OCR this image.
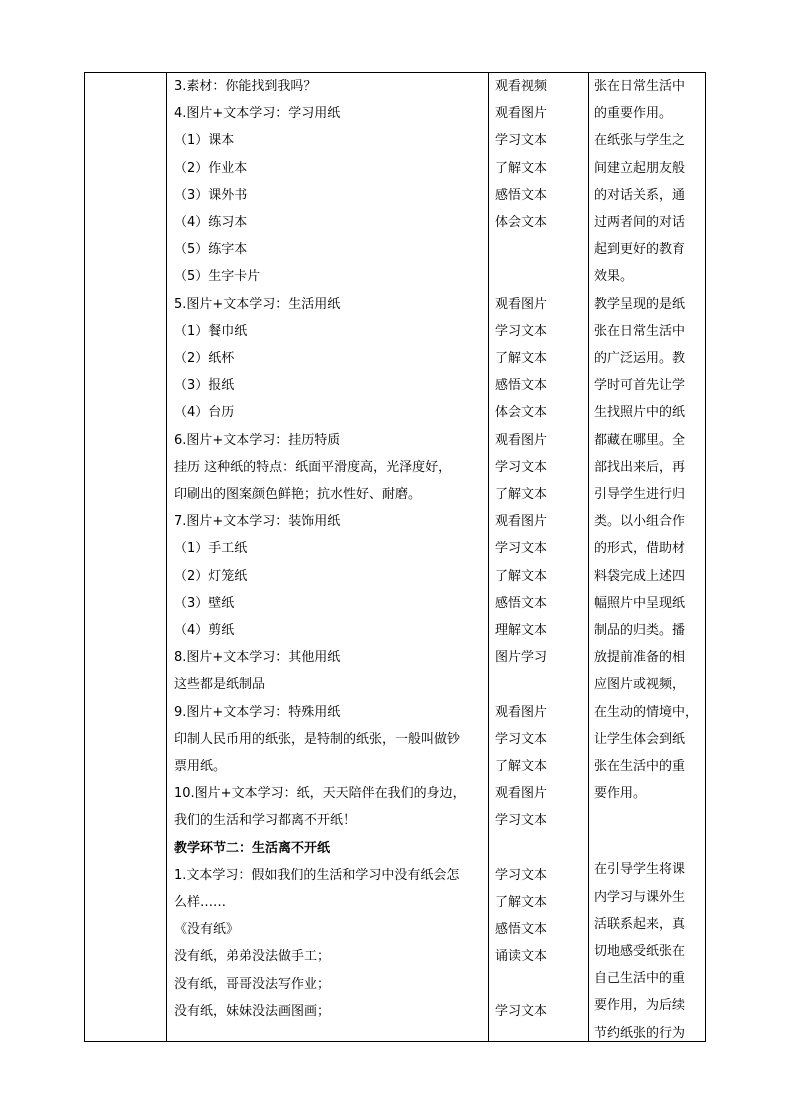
3.素材：你能找到我吗？
4.图片+文本学习：学习用纸
（1）课本
（2）作业本
（3）课外书
（4）练习本
（5）练字本
（5）生字卡片
5.图片+文本学习：生活用纸
（1）餐巾纸
（2）纸杯
（3）报纸
（4）台历
6.图片+文本学习：挂历特质
挂历 这种纸的特点：纸面平滑度高，光泽度好，
印刷出的图案颜色鲜艳；抗水性好、耐磨。
7.图片+文本学习：装饰用纸
（1）手工纸
（2）灯笼纸
（3）壁纸
（4）剪纸
8.图片+文本学习：其他用纸
这些都是纸制品
9.图片+文本学习：特殊用纸
印制人民币用的纸张，是特制的纸张，一般叫做钞
票用纸。
10.图片+文本学习：纸，天天陪伴在我们的身边，
我们的生活和学习都离不开纸！
教学环节二：生活离不开纸
1.文本学习：假如我们的生活和学习中没有纸会怎
么样……
《没有纸》
没有纸，弟弟没法做手工；
没有纸，哥哥没法写作业；
没有纸，妹妹没法画图画；
观看视频
观看图片
学习文本
了解文本
感悟文本
体会文本
观看图片
学习文本
了解文本
感悟文本
体会文本
观看图片
学习文本
了解文本
观看图片
学习文本
了解文本
感悟文本
理解文本
图片学习
观看图片
学习文本
了解文本
观看图片
学习文本
学习文本
了解文本
感悟文本
诵读文本
学习文本
张在日常生活中
的重要作用。
在纸张与学生之
间建立起朋友般
的对话关系，通
过两者间的对话
起到更好的教育
效果。
教学呈现的是纸
张在日常生活中
的广泛运用。教
学时可首先让学
生找照片中的纸
都藏在哪里。全
部找出来后，再
引导学生进行归
类。以小组合作
的形式，借助材
料袋完成上述四
幅照片中呈现纸
制品的归类。播
放提前准备的相
应图片或视频，
在生动的情境中，
让学生体会到纸
张在生活中的重
要作用。
在引导学生将课
内学习与课外生
活联系起来，真
切地感受纸张在
自己生活中的重
要作用，为后续
节约纸张的行为
